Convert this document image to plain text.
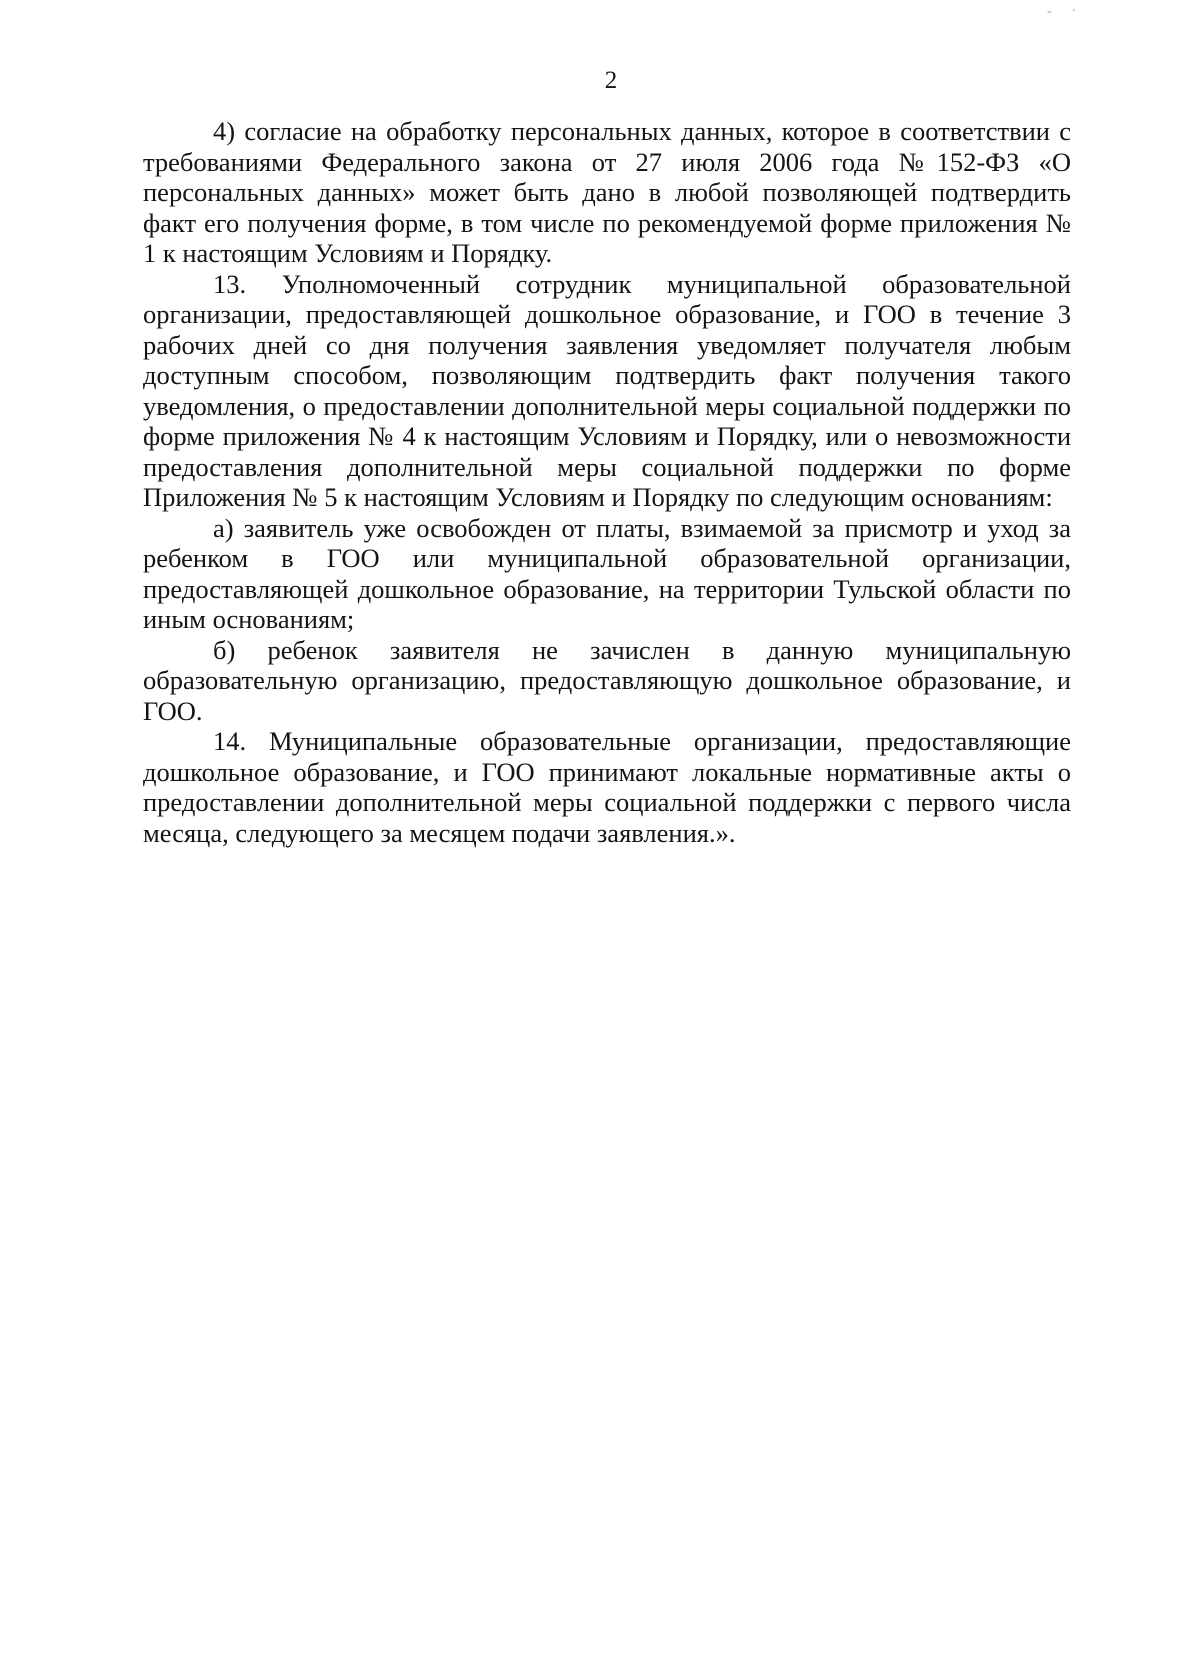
- ·
2

4) согласие на обработку персональных данных, которое в соответствии с требованиями Федерального закона от 27 июля 2006 года №152-ФЗ «О персональных данных» может быть дано в любой позволяющей подтвердить факт его получения форме, в том числе по рекомендуемой форме приложения № 1 к настоящим Условиям и Порядку.

13. Уполномоченный сотрудник муниципальной образовательной организации, предоставляющей дошкольное образование, и ГОО в течение 3 рабочих дней со дня получения заявления уведомляет получателя любым доступным способом, позволяющим подтвердить факт получения такого уведомления, о предоставлении дополнительной меры социальной поддержки по форме приложения № 4 к настоящим Условиям и Порядку, или о невозможности предоставления дополнительной меры социальной поддержки по форме Приложения № 5 к настоящим Условиям и Порядку по следующим основаниям:

а) заявитель уже освобожден от платы, взимаемой за присмотр и уход за ребенком в ГОО или муниципальной образовательной организации, предоставляющей дошкольное образование, на территории Тульской области по иным основаниям;

б) ребенок заявителя не зачислен в данную муниципальную образовательную организацию, предоставляющую дошкольное образование, и ГОО.

14. Муниципальные образовательные организации, предоставляющие дошкольное образование, и ГОО принимают локальные нормативные акты о предоставлении дополнительной меры социальной поддержки с первого числа месяца, следующего за месяцем подачи заявления.».
